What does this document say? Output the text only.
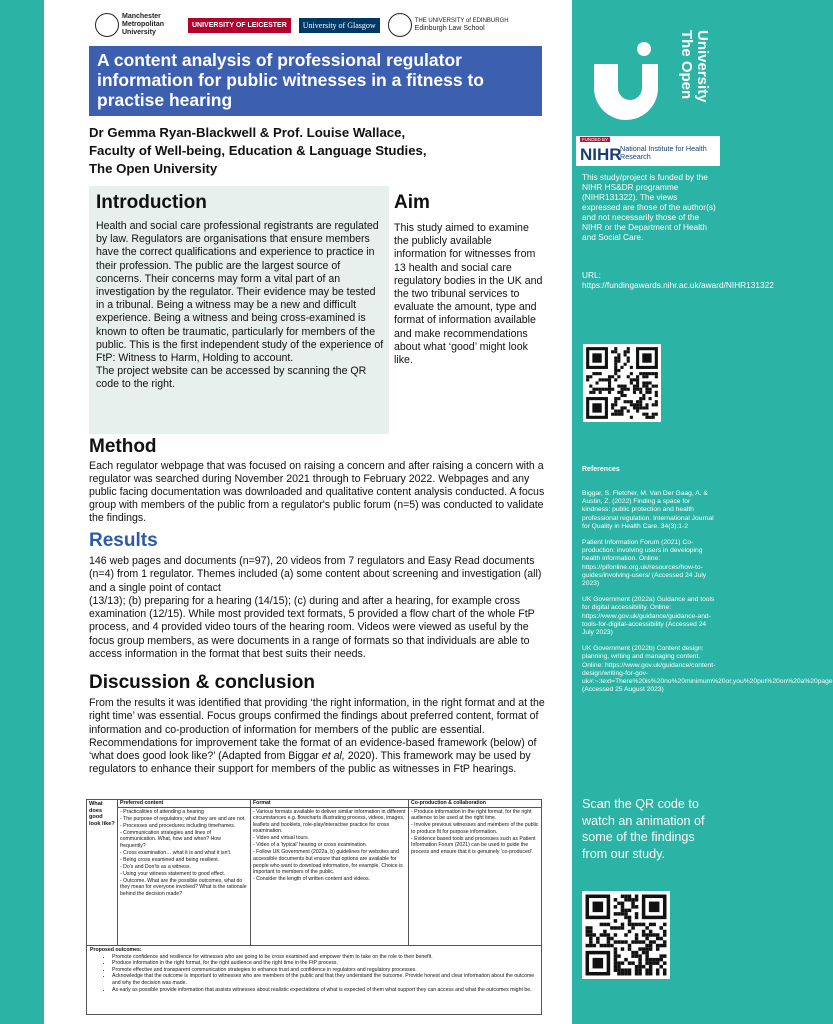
Manchester Metropolitan University
UNIVERSITY OF LEICESTER University of Glasgow	THE UNIVERSITY of EDINBURGH
Edinburgh Law School
A content analysis of professional regulator information for public witnesses in a fitness to practise hearing
Dr Gemma Ryan-Blackwell & Prof. Louise Wallace,
Faculty of Well-being, Education & Language Studies,
The Open University
Introduction
Health and social care professional registrants are regulated by law. Regulators are organisations that ensure members have the correct qualifications and experience to practice in their profession. The public are the largest source of concerns. Their concerns may form a vital part of an investigation by the regulator. Their evidence may be tested in a tribunal. Being a witness may be a new and difficult experience. Being a witness and being cross-examined is known to often be traumatic, particularly for members of the public. This is the first independent study of the experience of FtP: Witness to Harm, Holding to account.
The project website can be accessed by scanning the QR code to the right.
Aim
This study aimed to examine the publicly available information for witnesses from 13 health and social care regulatory bodies in the UK and the two tribunal services to evaluate the amount, type and format of information available and make recommendations about what ‘good’ might look like.
Method
Each regulator webpage that was focused on raising a concern and after raising a concern with a regulator was searched during November 2021 through to February 2022. Webpages and any public facing documentation was downloaded and qualitative content analysis conducted. A focus group with members of the public from a regulator's public forum (n=5) was conducted to validate the findings.
Results
146 web pages and documents (n=97), 20 videos from 7 regulators and Easy Read documents (n=4) from 1 regulator. Themes included (a) some content about screening and investigation (all) and a single point of contact
(13/13); (b) preparing for a hearing (14/15); (c) during and after a hearing, for example cross examination (12/15). While most provided text formats, 5 provided a flow chart of the whole FtP process, and 4 provided video tours of the hearing room. Videos were viewed as useful by the focus group members, as were documents in a range of formats so that individuals are able to access information in the format that best suits their needs.
Discussion & conclusion
From the results it was identified that providing ‘the right information, in the right format and at the right time’ was essential. Focus groups confirmed the findings about preferred content, format of information and co-production of information for members of the public are essential. Recommendations for improvement take the format of an evidence-based framework (below) of ‘what does good look like?’ (Adapted from Biggar et al, 2020). This framework may be used by regulators to enhance their support for members of the public as witnesses in FtP hearings.
What does good look like?
Preferred content
- Practicalities of attending a hearing
- The purpose of regulators; what they are and are not.
- Processes and procedures including timeframes.
- Communication strategies and lines of communication. What, how and when? How frequently?
- Cross examination… what it is and what it isn't.
- Being cross examined and being resilient.
- Do's and Don'ts as a witness.
- Using your witness statement to good effect.
- Outcome. What are the possible outcomes, what do they mean for everyone involved? What is the rationale behind the decision made?
Format
- Various formats available to deliver similar information in different circumstances e.g. flowcharts illustrating process, videos, images, leaflets and booklets, role-play/interactive practice for cross examination.
- Video and virtual tours.
- Video of a 'typical' hearing or cross examination.
- Follow UK Government (2022a, b) guidelines for websites and accessible documents but ensure that options are available for people who want to download information, for example. Choice is important to members of the public.
- Consider the length of written content and videos.
Co-production & collaboration
- Produce information in the right format, for the right audience to be used at the right time.
- Involve previous witnesses and members of the public to produce fit for purpose information.
- Evidence based tools and processes such as Patient Information Forum (2021) can be used to guide the process and ensure that it is genuinely 'co-produced'.
Proposed outcomes:
• Promote confidence and resilience for witnesses who are going to be cross examined and empower them to take on the role to their benefit.
• Produce information in the right format, for the right audience and the right time in the FtP process.
• Promote effective and transparent communication strategies to enhance trust and confidence in regulators and regulatory processes.
• Acknowledge that the outcome is important to witnesses who are members of the public and that they understand the outcome. Provide honest and clear information about the outcome and why the decision was made.
• As early as possible provide information that assists witnesses about realistic expectations of what is expected of them what support they can access and what the outcomes might be.
The Open University
FUNDED BY
NIHR
National Institute for Health Research
This study/project is funded by the NIHR HS&DR programme (NIHR131322). The views expressed are those of the author(s) and not necessarily those of the NIHR or the Department of Health and Social Care.
URL: https://fundingawards.nihr.ac.uk/award/NIHR131322
References
Biggar, S. Fletcher, M. Van Der Gaag, A. & Austin, Z. (2022) Finding a space for kindness: public protection and health professional regulation. International Journal for Quality in Health Care. 34(3):1-2
Patient Information Forum (2021) Co-production: involving users in developing health information. Online: https://pifonline.org.uk/resources/how-to-guides/involving-users/ (Accessed 24 July 2023)
UK Government (2022a) Guidance and tools for digital accessibility. Online: https://www.gov.uk/guidance/guidance-and-tools-for-digital-accessibility (Accessed 24 July 2023)
UK Government (2022b) Content design: planning, writing and managing content. Online: https://www.gov.uk/guidance/content-design/writing-for-gov-uk#:~:text=There%20is%20no%20minimum%20or,you%20put%20on%20a%20page (Accessed 25 August 2023)
Scan the QR code to watch an animation of some of the findings from our study.
